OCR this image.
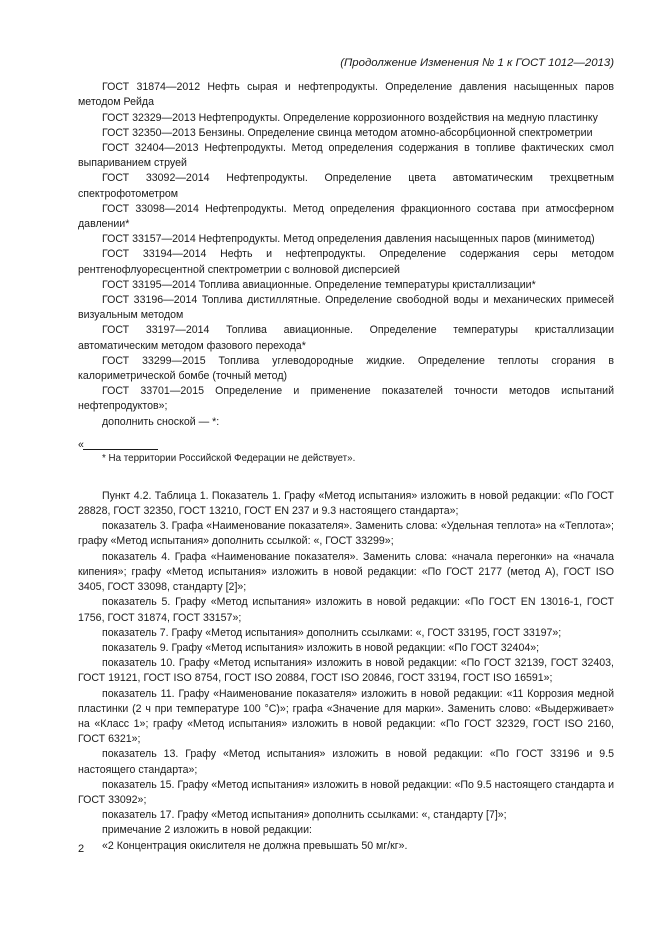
(Продолжение Изменения № 1 к ГОСТ 1012—2013)

ГОСТ 31874—2012 Нефть сырая и нефтепродукты. Определение давления насыщенных паров методом Рейда

ГОСТ 32329—2013 Нефтепродукты. Определение коррозионного воздействия на медную пластинку

ГОСТ 32350—2013 Бензины. Определение свинца методом атомно-абсорбционной спектрометрии

ГОСТ 32404—2013 Нефтепродукты. Метод определения содержания в топливе фактических смол выпариванием струей

ГОСТ 33092—2014 Нефтепродукты. Определение цвета автоматическим трехцветным спектрофотометром

ГОСТ 33098—2014 Нефтепродукты. Метод определения фракционного состава при атмосферном давлении*

ГОСТ 33157—2014 Нефтепродукты. Метод определения давления насыщенных паров (миниметод)

ГОСТ 33194—2014 Нефть и нефтепродукты. Определение содержания серы методом рентгенофлуоресцентной спектрометрии с волновой дисперсией

ГОСТ 33195—2014 Топлива авиационные. Определение температуры кристаллизации*

ГОСТ 33196—2014 Топлива дистиллятные. Определение свободной воды и механических примесей визуальным методом

ГОСТ 33197—2014 Топлива авиационные. Определение температуры кристаллизации автоматическим методом фазового перехода*

ГОСТ 33299—2015 Топлива углеводородные жидкие. Определение теплоты сгорания в калориметрической бомбе (точный метод)

ГОСТ 33701—2015 Определение и применение показателей точности методов испытаний нефтепродуктов»;

дополнить сноской — *:

«

* На территории Российской Федерации не действует».

Пункт 4.2. Таблица 1. Показатель 1. Графу «Метод испытания» изложить в новой редакции: «По ГОСТ 28828, ГОСТ 32350, ГОСТ 13210, ГОСТ EN 237 и 9.3 настоящего стандарта»;

показатель 3. Графа «Наименование показателя». Заменить слова: «Удельная теплота» на «Теплота»; графу «Метод испытания» дополнить ссылкой: «, ГОСТ 33299»;

показатель 4. Графа «Наименование показателя». Заменить слова: «начала перегонки» на «начала кипения»; графу «Метод испытания» изложить в новой редакции: «По ГОСТ 2177 (метод А), ГОСТ ISO 3405, ГОСТ 33098, стандарту [2]»;

показатель 5. Графу «Метод испытания» изложить в новой редакции: «По ГОСТ EN 13016-1, ГОСТ 1756, ГОСТ 31874, ГОСТ 33157»;

показатель 7. Графу «Метод испытания» дополнить ссылками: «, ГОСТ 33195, ГОСТ 33197»;

показатель 9. Графу «Метод испытания» изложить в новой редакции: «По ГОСТ 32404»;

показатель 10. Графу «Метод испытания» изложить в новой редакции: «По ГОСТ 32139, ГОСТ 32403, ГОСТ 19121, ГОСТ ISO 8754, ГОСТ ISO 20884, ГОСТ ISO 20846, ГОСТ 33194, ГОСТ ISO 16591»;

показатель 11. Графу «Наименование показателя» изложить в новой редакции: «11 Коррозия медной пластинки (2 ч при температуре 100 °С)»; графа «Значение для марки». Заменить слово: «Выдерживает» на «Класс 1»; графу «Метод испытания» изложить в новой редакции: «По ГОСТ 32329, ГОСТ ISO 2160, ГОСТ 6321»;

показатель 13. Графу «Метод испытания» изложить в новой редакции: «По ГОСТ 33196 и 9.5 настоящего стандарта»;

показатель 15. Графу «Метод испытания» изложить в новой редакции: «По 9.5 настоящего стандарта и ГОСТ 33092»;

показатель 17. Графу «Метод испытания» дополнить ссылками: «, стандарту [7]»;

примечание 2 изложить в новой редакции:

«2 Концентрация окислителя не должна превышать 50 мг/кг».

2
